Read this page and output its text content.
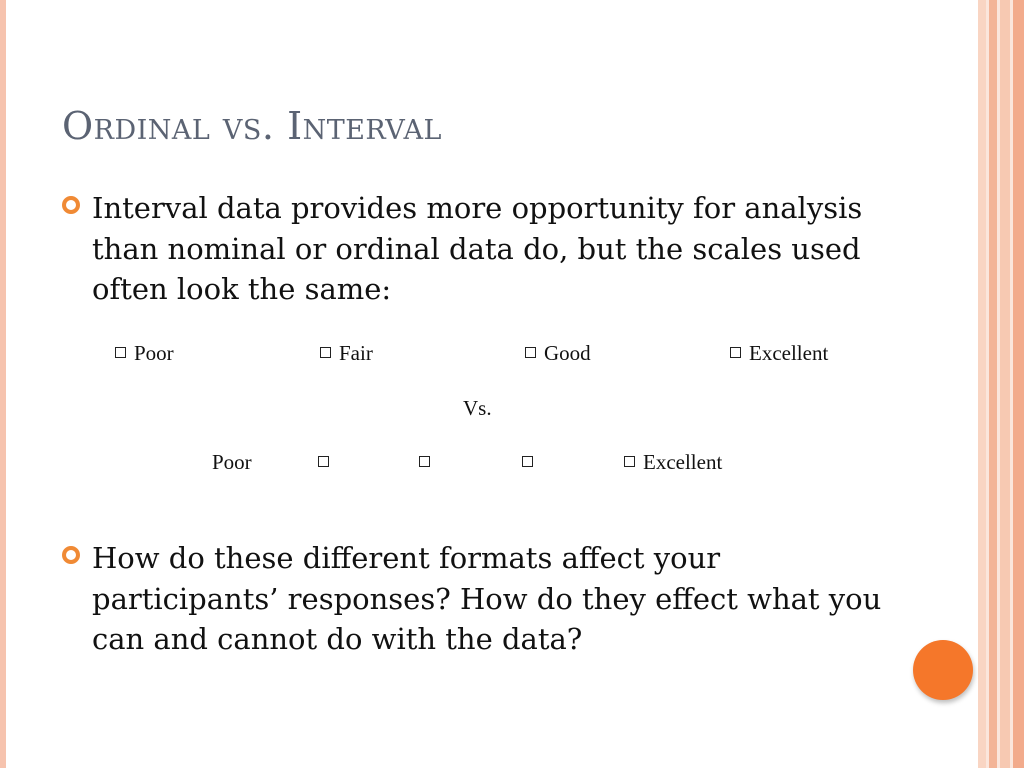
Ordinal vs. Interval

Interval data provides more opportunity for analysis than nominal or ordinal data do, but the scales used often look the same:

Poor	Fair	Good	Excellent
Vs.
Poor	Excellent

How do these different formats affect your participants’ responses? How do they effect what you can and cannot do with the data?
